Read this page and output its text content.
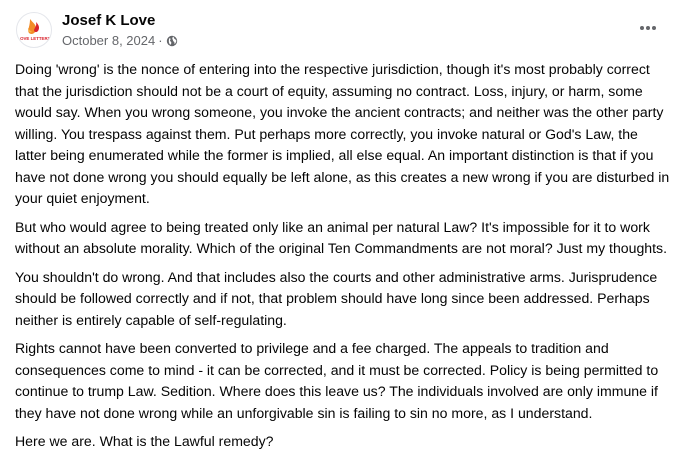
LOVE LETTERS
Josef K Love
October 8, 2024 ·

Doing 'wrong' is the nonce of entering into the respective jurisdiction, though it's most probably correct that the jurisdiction should not be a court of equity, assuming no contract. Loss, injury, or harm, some would say. When you wrong someone, you invoke the ancient contracts; and neither was the other party willing. You trespass against them. Put perhaps more correctly, you invoke natural or God's Law, the latter being enumerated while the former is implied, all else equal. An important distinction is that if you have not done wrong you should equally be left alone, as this creates a new wrong if you are disturbed in your quiet enjoyment.

But who would agree to being treated only like an animal per natural Law? It's impossible for it to work without an absolute morality. Which of the original Ten Commandments are not moral? Just my thoughts.

You shouldn't do wrong. And that includes also the courts and other administrative arms. Jurisprudence should be followed correctly and if not, that problem should have long since been addressed. Perhaps neither is entirely capable of self-regulating.

Rights cannot have been converted to privilege and a fee charged. The appeals to tradition and consequences come to mind - it can be corrected, and it must be corrected. Policy is being permitted to continue to trump Law. Sedition. Where does this leave us? The individuals involved are only immune if they have not done wrong while an unforgivable sin is failing to sin no more, as I understand.

Here we are. What is the Lawful remedy?
